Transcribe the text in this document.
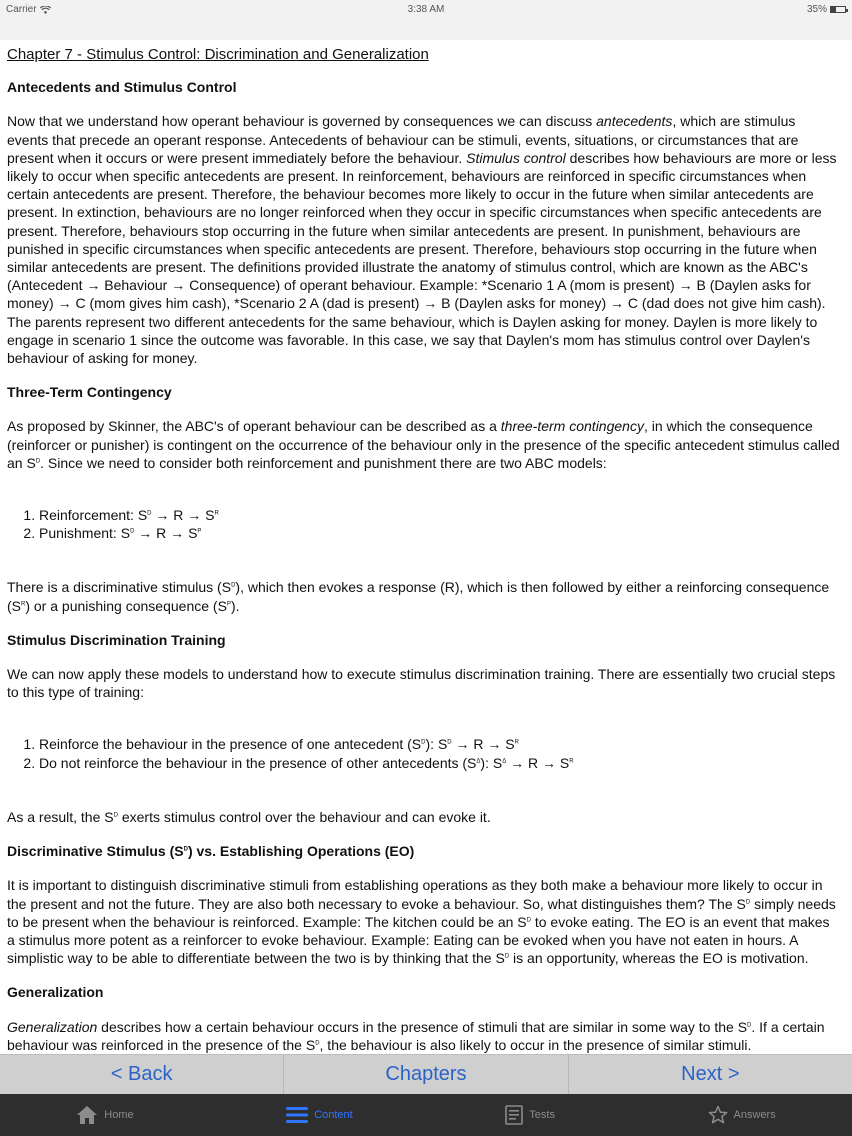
Carrier	3:38 AM	35%
Chapter 7 - Stimulus Control: Discrimination and Generalization
Antecedents and Stimulus Control

Now that we understand how operant behaviour is governed by consequences we can discuss antecedents, which are stimulus events that precede an operant response. Antecedents of behaviour can be stimuli, events, situations, or circumstances that are present when it occurs or were present immediately before the behaviour. Stimulus control describes how behaviours are more or less likely to occur when specific antecedents are present. In reinforcement, behaviours are reinforced in specific circumstances when certain antecedents are present. Therefore, the behaviour becomes more likely to occur in the future when similar antecedents are present. In extinction, behaviours are no longer reinforced when they occur in specific circumstances when specific antecedents are present. Therefore, behaviours stop occurring in the future when similar antecedents are present. In punishment, behaviours are punished in specific circumstances when specific antecedents are present. Therefore, behaviours stop occurring in the future when similar antecedents are present. The definitions provided illustrate the anatomy of stimulus control, which are known as the ABC's (Antecedent → Behaviour → Consequence) of operant behaviour. Example: *Scenario 1 A (mom is present) → B (Daylen asks for money) → C (mom gives him cash), *Scenario 2 A (dad is present) → B (Daylen asks for money) → C (dad does not give him cash). The parents represent two different antecedents for the same behaviour, which is Daylen asking for money. Daylen is more likely to engage in scenario 1 since the outcome was favorable. In this case, we say that Daylen's mom has stimulus control over Daylen's behaviour of asking for money.

Three-Term Contingency

As proposed by Skinner, the ABC's of operant behaviour can be described as a three-term contingency, in which the consequence (reinforcer or punisher) is contingent on the occurrence of the behaviour only in the presence of the specific antecedent stimulus called an $S^D$. Since we need to consider both reinforcement and punishment there are two ABC models:

1. Reinforcement: $S^D \to R \to S^R$
2. Punishment: $S^D \to R \to S^P$

There is a discriminative stimulus $(S^D)$, which then evokes a response (R), which is then followed by either a reinforcing consequence $(S^R)$ or a punishing consequence $(S^P)$.

Stimulus Discrimination Training

We can now apply these models to understand how to execute stimulus discrimination training. There are essentially two crucial steps to this type of training:

1. Reinforce the behaviour in the presence of one antecedent $(S^D)$: $S^D \to R \to S^R$
2. Do not reinforce the behaviour in the presence of other antecedents $(S^\Delta)$: $S^\Delta \to R \to S^R$

As a result, the $S^D$ exerts stimulus control over the behaviour and can evoke it.

Discriminative Stimulus $(S^D)$ vs. Establishing Operations (EO)

It is important to distinguish discriminative stimuli from establishing operations as they both make a behaviour more likely to occur in the present and not the future. They are also both necessary to evoke a behaviour. So, what distinguishes them? The $S^D$ simply needs to be present when the behaviour is reinforced. Example: The kitchen could be an $S^D$ to evoke eating. The EO is an event that makes a stimulus more potent as a reinforcer to evoke behaviour. Example: Eating can be evoked when you have not eaten in hours. A simplistic way to be able to differentiate between the two is by thinking that the $S^D$ is an opportunity, whereas the EO is motivation.

Generalization

Generalization describes how a certain behaviour occurs in the presence of stimuli that are similar in some way to the $S^D$. If a certain behaviour was reinforced in the presence of the $S^D$, the behaviour is also likely to occur in the presence of similar stimuli.

< Back	Chapters	Next >
Home	Content	Tests	Answers
